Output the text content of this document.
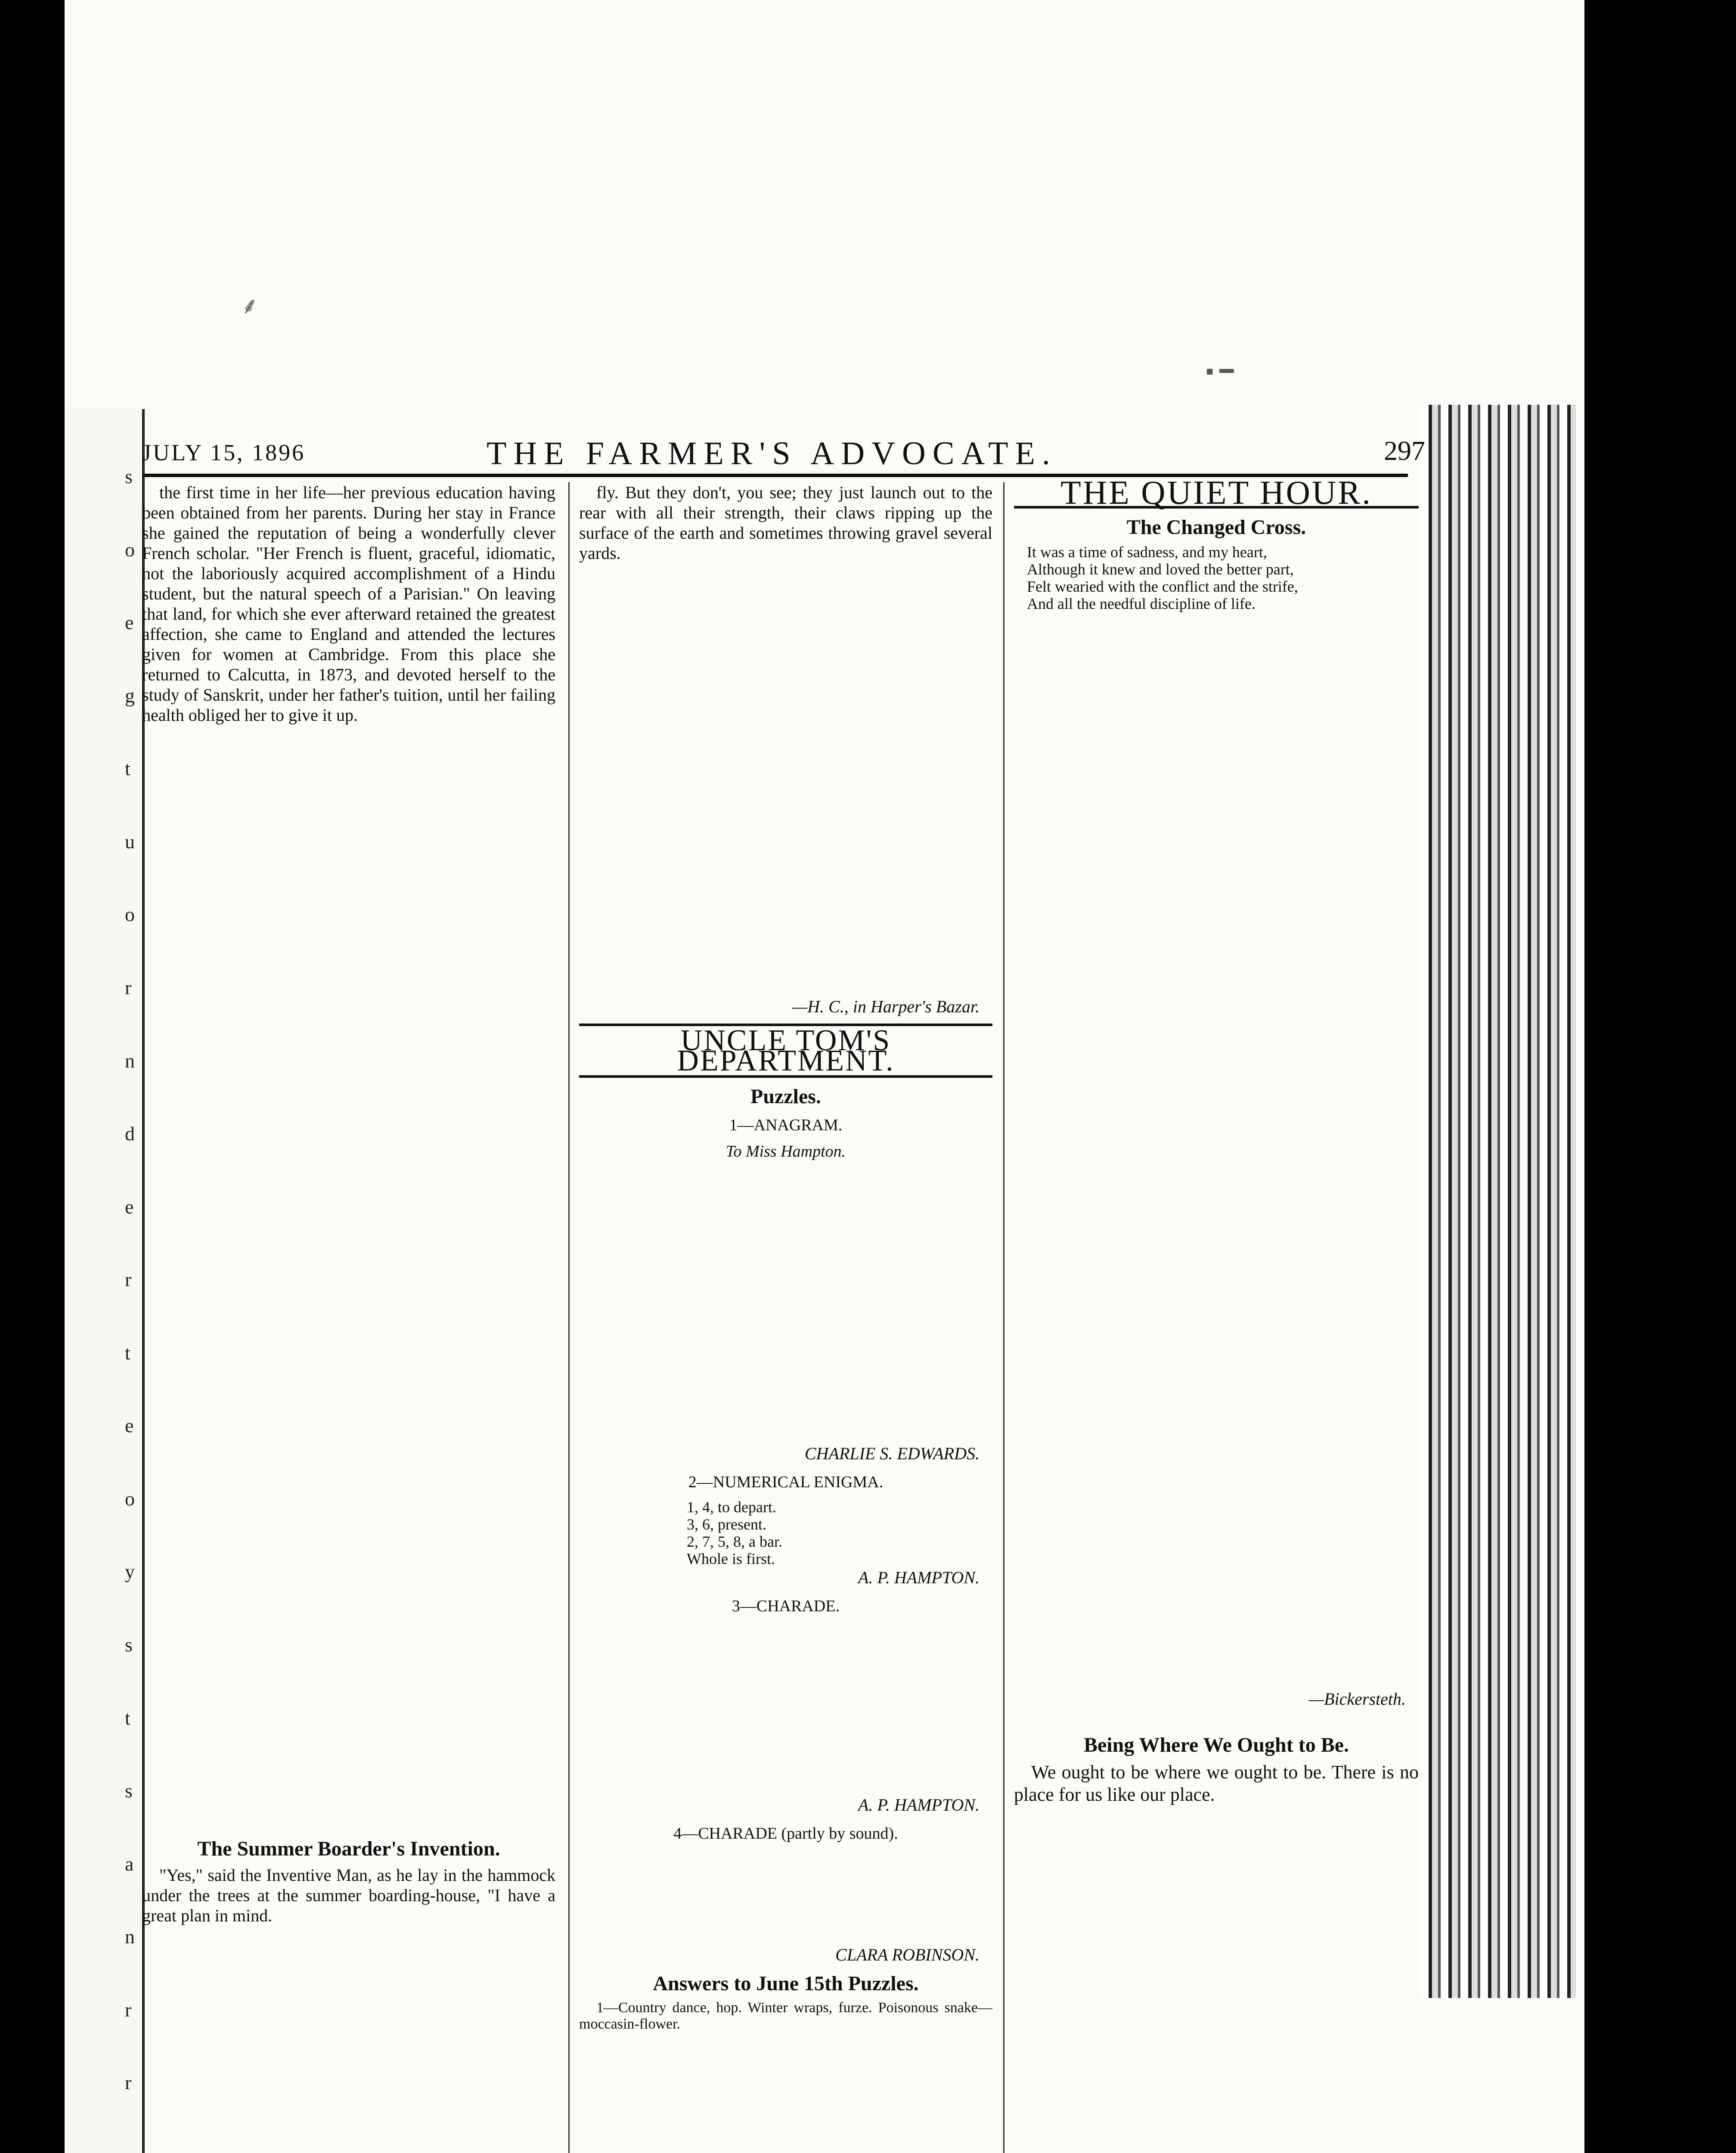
⸙
▪ ━
JULY 15, 1896	THE FARMER'S ADVOCATE.	297

the first time in her life—her previous education having been obtained from her parents. During her stay in France she gained the reputation of being a wonderfully clever French scholar. "Her French is fluent, graceful, idiomatic, not the laboriously acquired accomplishment of a Hindu student, but the natural speech of a Parisian." On leaving that land, for which she ever afterward retained the greatest affection, she came to England and attended the lectures given for women at Cambridge. From this place she returned to Calcutta, in 1873, and devoted herself to the study of Sanskrit, under her father's tuition, until her failing health obliged her to give it up.

The Summer Boarder's Invention.

"Yes," said the Inventive Man, as he lay in the hammock under the trees at the summer boarding-house, "I have a great plan in mind.

fly. But they don't, you see; they just launch out to the rear with all their strength, their claws ripping up the surface of the earth and sometimes throwing gravel several yards.

—H. C., in Harper's Bazar.
UNCLE TOM'S DEPARTMENT.
Puzzles.
1—ANAGRAM.
To Miss Hampton.
CHARLIE S. EDWARDS.
2—NUMERICAL ENIGMA.
1, 4, to depart.
3, 6, present.
2, 7, 5, 8, a bar.
Whole is first.
A. P. HAMPTON.
3—CHARADE.
A. P. HAMPTON.
4—CHARADE (partly by sound).
CLARA ROBINSON.
Answers to June 15th Puzzles.

1—Country dance, hop. Winter wraps, furze. Poisonous snake—moccasin-flower.

THE QUIET HOUR.
The Changed Cross.
It was a time of sadness, and my heart,
Although it knew and loved the better part,
Felt wearied with the conflict and the strife,
And all the needful discipline of life.
—Bickersteth.
Being Where We Ought to Be.

We ought to be where we ought to be. There is no place for us like our place.

s
o
e
g
t
u
o
r
n
d
e
r
t
e
o
y
s
t
s
a
n
r
r
